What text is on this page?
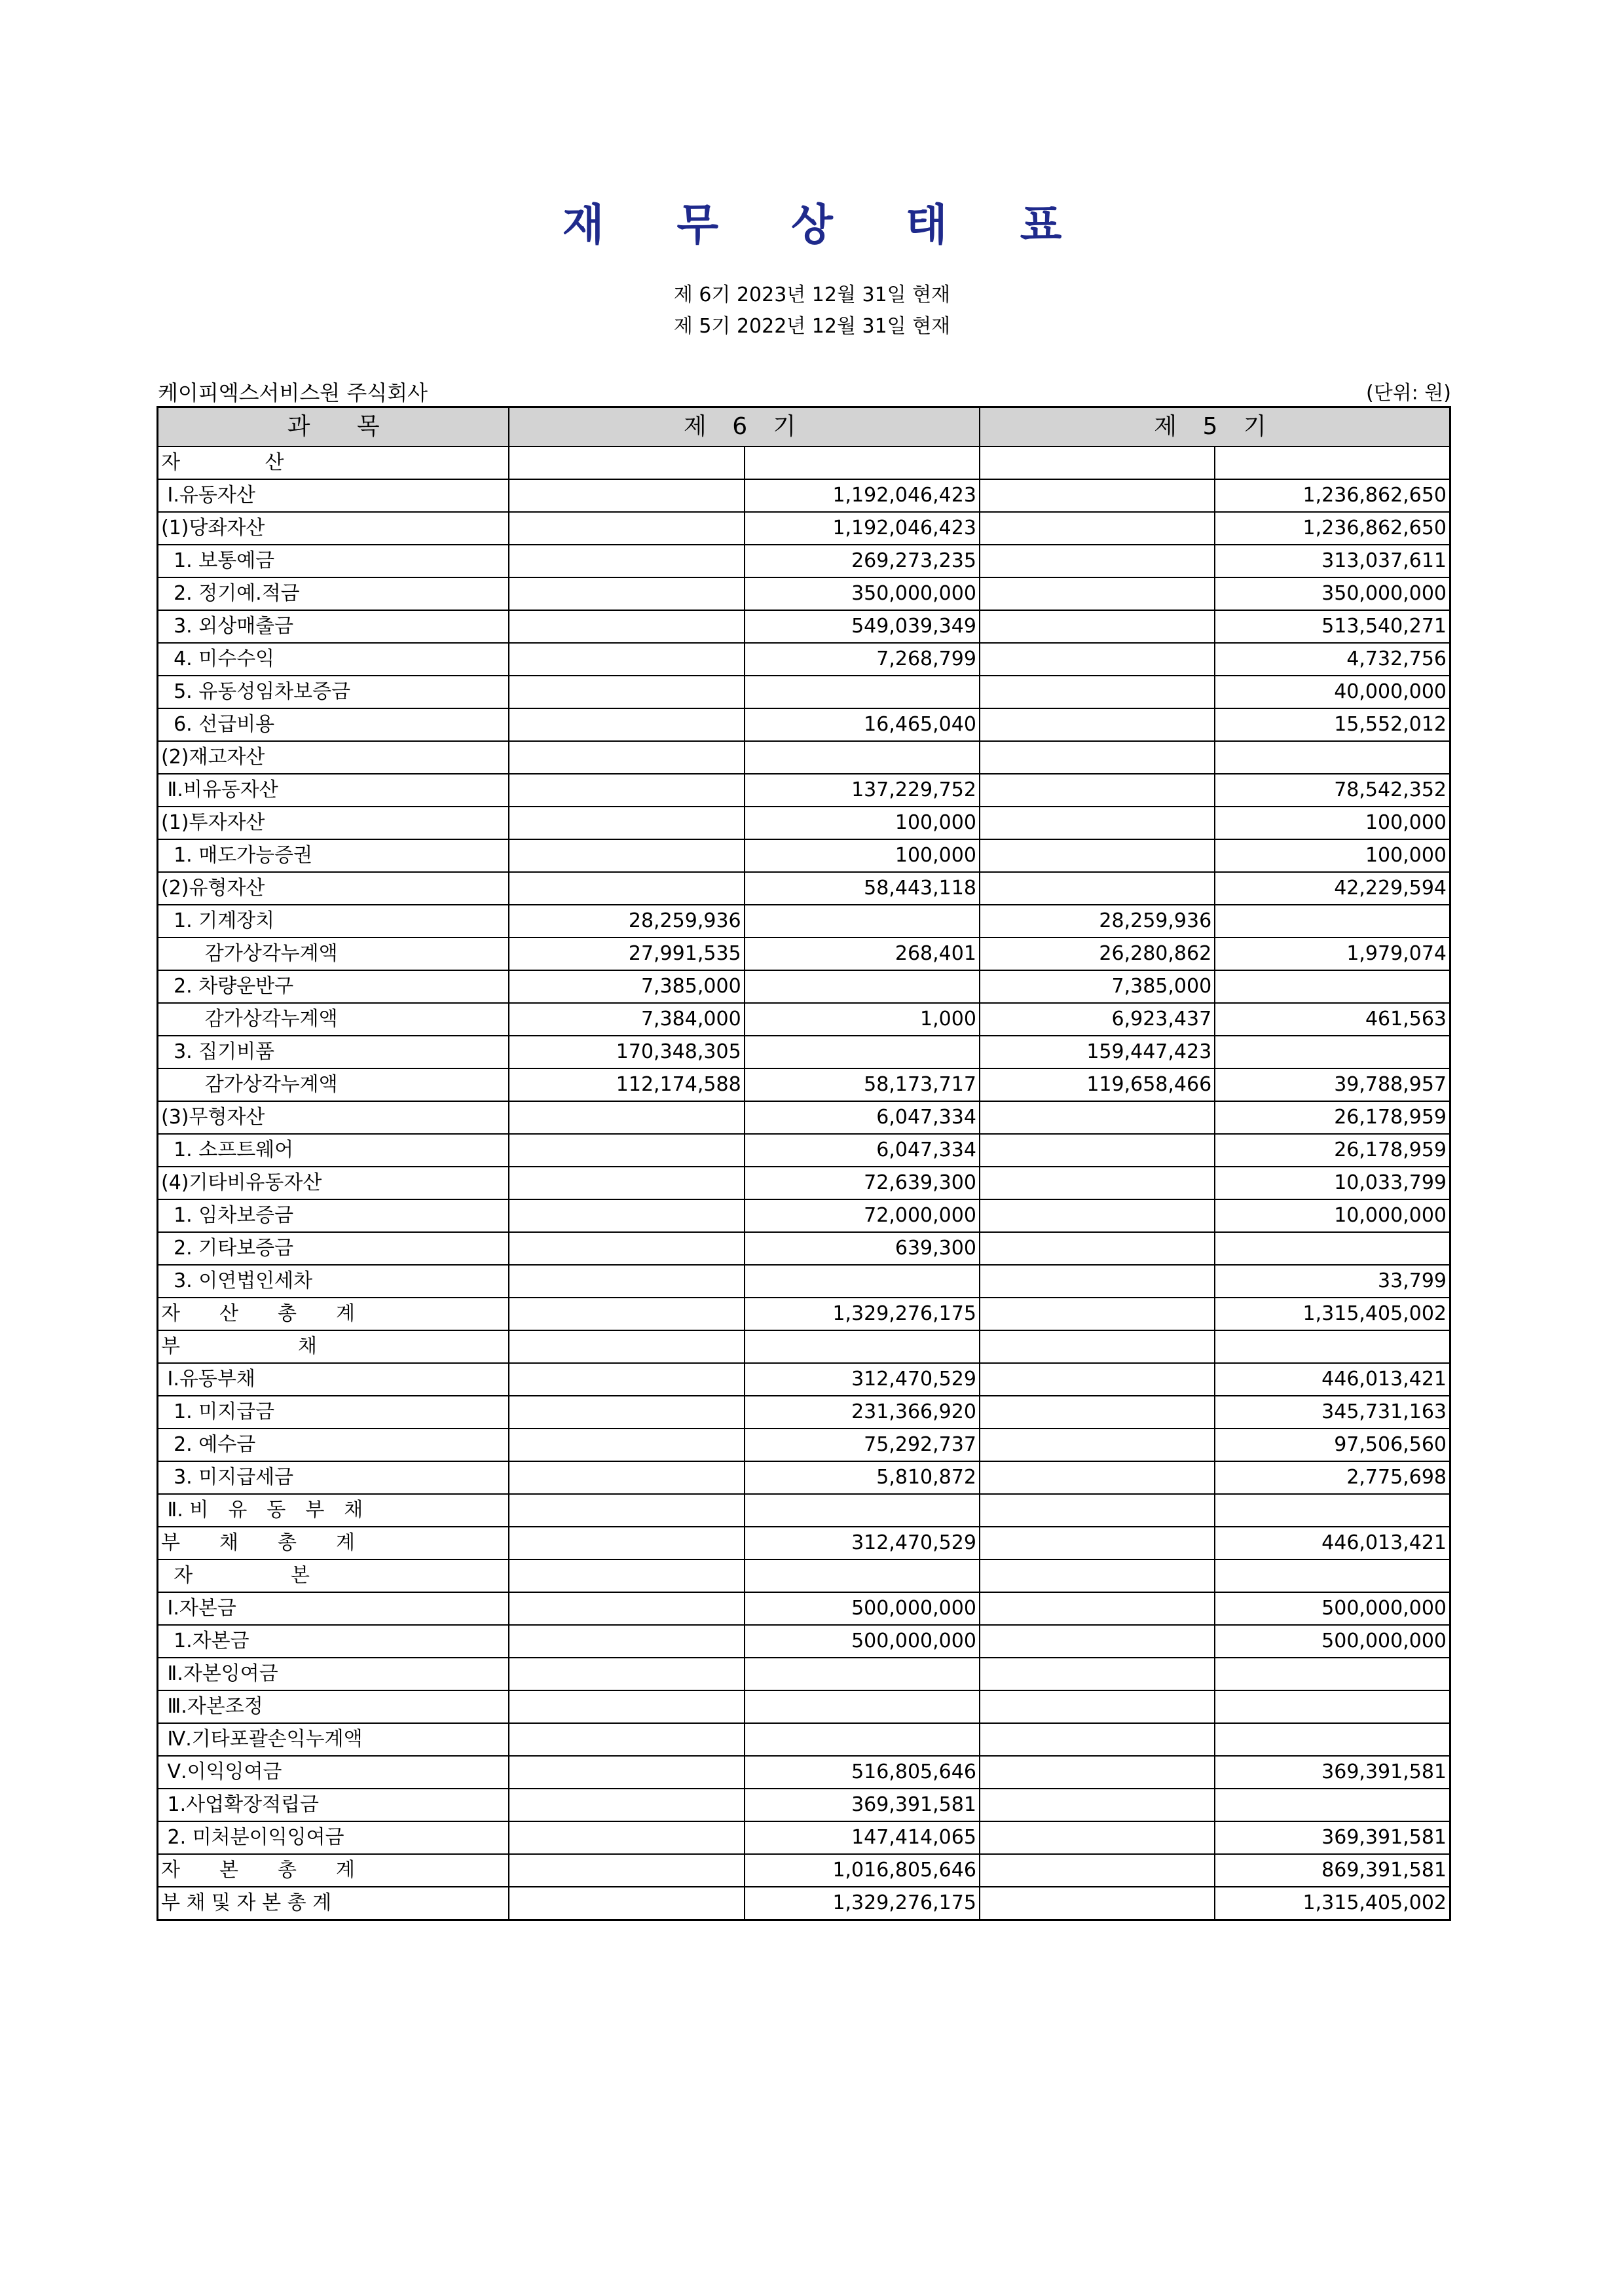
재 무 상 태 표
제 6기 2023년 12월 31일 현재
제 5기 2022년 12월 31일 현재
케이피엑스서비스원 주식회사	(단위: 원)
과 목	제 6 기		제 5 기	
자　　　　 산				
Ⅰ.유동자산		1,192,046,423		1,236,862,650
(1)당좌자산		1,192,046,423		1,236,862,650
1. 보통예금		269,273,235		313,037,611
2. 정기예.적금		350,000,000		350,000,000
3. 외상매출금		549,039,349		513,540,271
4. 미수수익		7,268,799		4,732,756
5. 유동성임차보증금				40,000,000
6. 선급비용		16,465,040		15,552,012
(2)재고자산				
Ⅱ.비유동자산		137,229,752		78,542,352
(1)투자자산		100,000		100,000
1. 매도가능증권		100,000		100,000
(2)유형자산		58,443,118		42,229,594
1. 기계장치	28,259,936		28,259,936	
감가상각누계액	27,991,535	268,401	26,280,862	1,979,074
2. 차량운반구	7,385,000		7,385,000	
감가상각누계액	7,384,000	1,000	6,923,437	461,563
3. 집기비품	170,348,305		159,447,423	
감가상각누계액	112,174,588	58,173,717	119,658,466	39,788,957
(3)무형자산		6,047,334		26,178,959
1. 소프트웨어		6,047,334		26,178,959
(4)기타비유동자산		72,639,300		10,033,799
1. 임차보증금		72,000,000		10,000,000
2. 기타보증금		639,300		
3. 이연법인세차				33,799
자　　산　　총　　계		1,329,276,175		1,315,405,002
부　　　　　　채				
Ⅰ.유동부채		312,470,529		446,013,421
1. 미지급금		231,366,920		345,731,163
2. 예수금		75,292,737		97,506,560
3. 미지급세금		5,810,872		2,775,698
Ⅱ. 비　유　동　부　채				
부　　채　　총　　계		312,470,529		446,013,421
자　　　　　본				
Ⅰ.자본금		500,000,000		500,000,000
1.자본금		500,000,000		500,000,000
Ⅱ.자본잉여금				
Ⅲ.자본조정				
Ⅳ.기타포괄손익누계액				
Ⅴ.이익잉여금		516,805,646		369,391,581
1.사업확장적립금		369,391,581		
2. 미처분이익잉여금		147,414,065		369,391,581
자　　본　　총　　계		1,016,805,646		869,391,581
부 채 및 자 본 총 계		1,329,276,175		1,315,405,002
